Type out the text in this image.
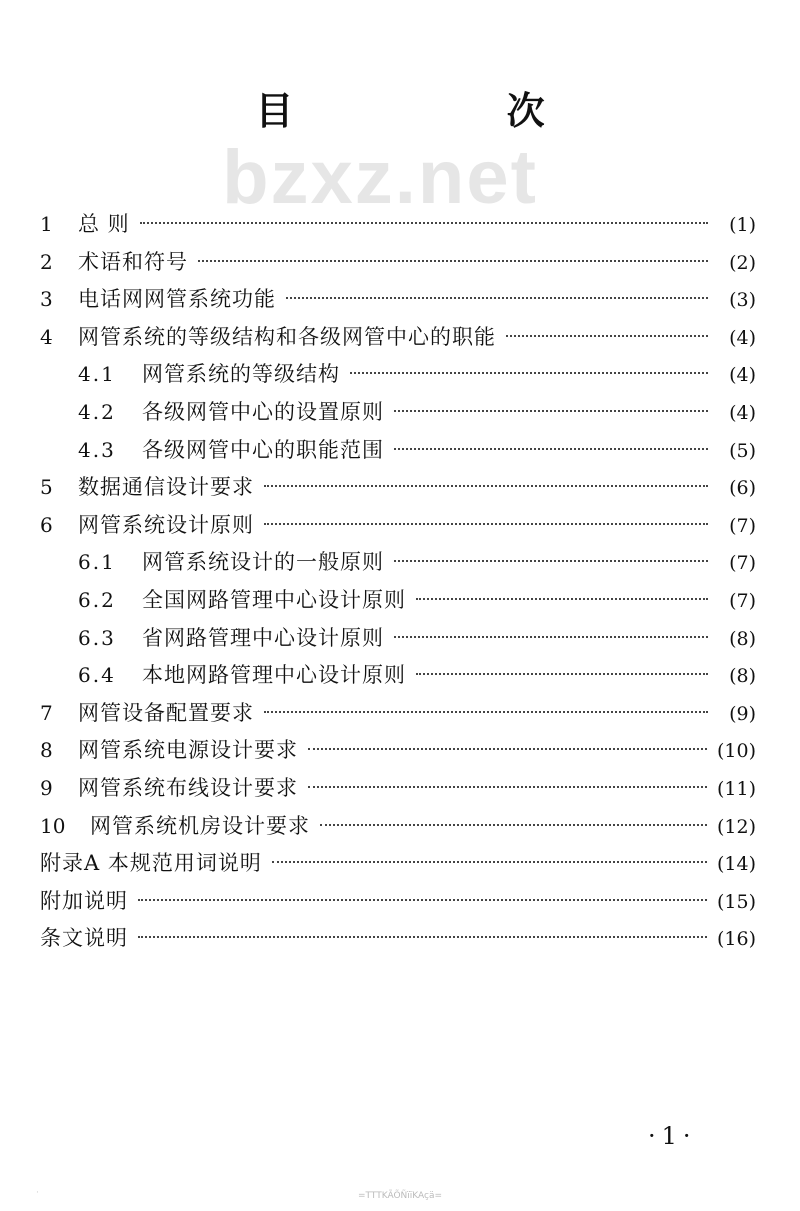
目 次
bzxz.net
1	总 则	(1)
2	术语和符号	(2)
3	电话网网管系统功能	(3)
4	网管系统的等级结构和各级网管中心的职能	(4)
4.1	网管系统的等级结构	(4)
4.2	各级网管中心的设置原则	(4)
4.3	各级网管中心的职能范围	(5)
5	数据通信设计要求	(6)
6	网管系统设计原则	(7)
6.1	网管系统设计的一般原则	(7)
6.2	全国网路管理中心设计原则	(7)
6.3	省网路管理中心设计原则	(8)
6.4	本地网路管理中心设计原则	(8)
7	网管设备配置要求	(9)
8	网管系统电源设计要求	(10)
9	网管系统布线设计要求	(11)
10	网管系统机房设计要求	(12)
附录A 本规范用词说明	(14)
附加说明	(15)
条文说明	(16)
·1·
·	=TTTKÃÕÑïïKAçä=
